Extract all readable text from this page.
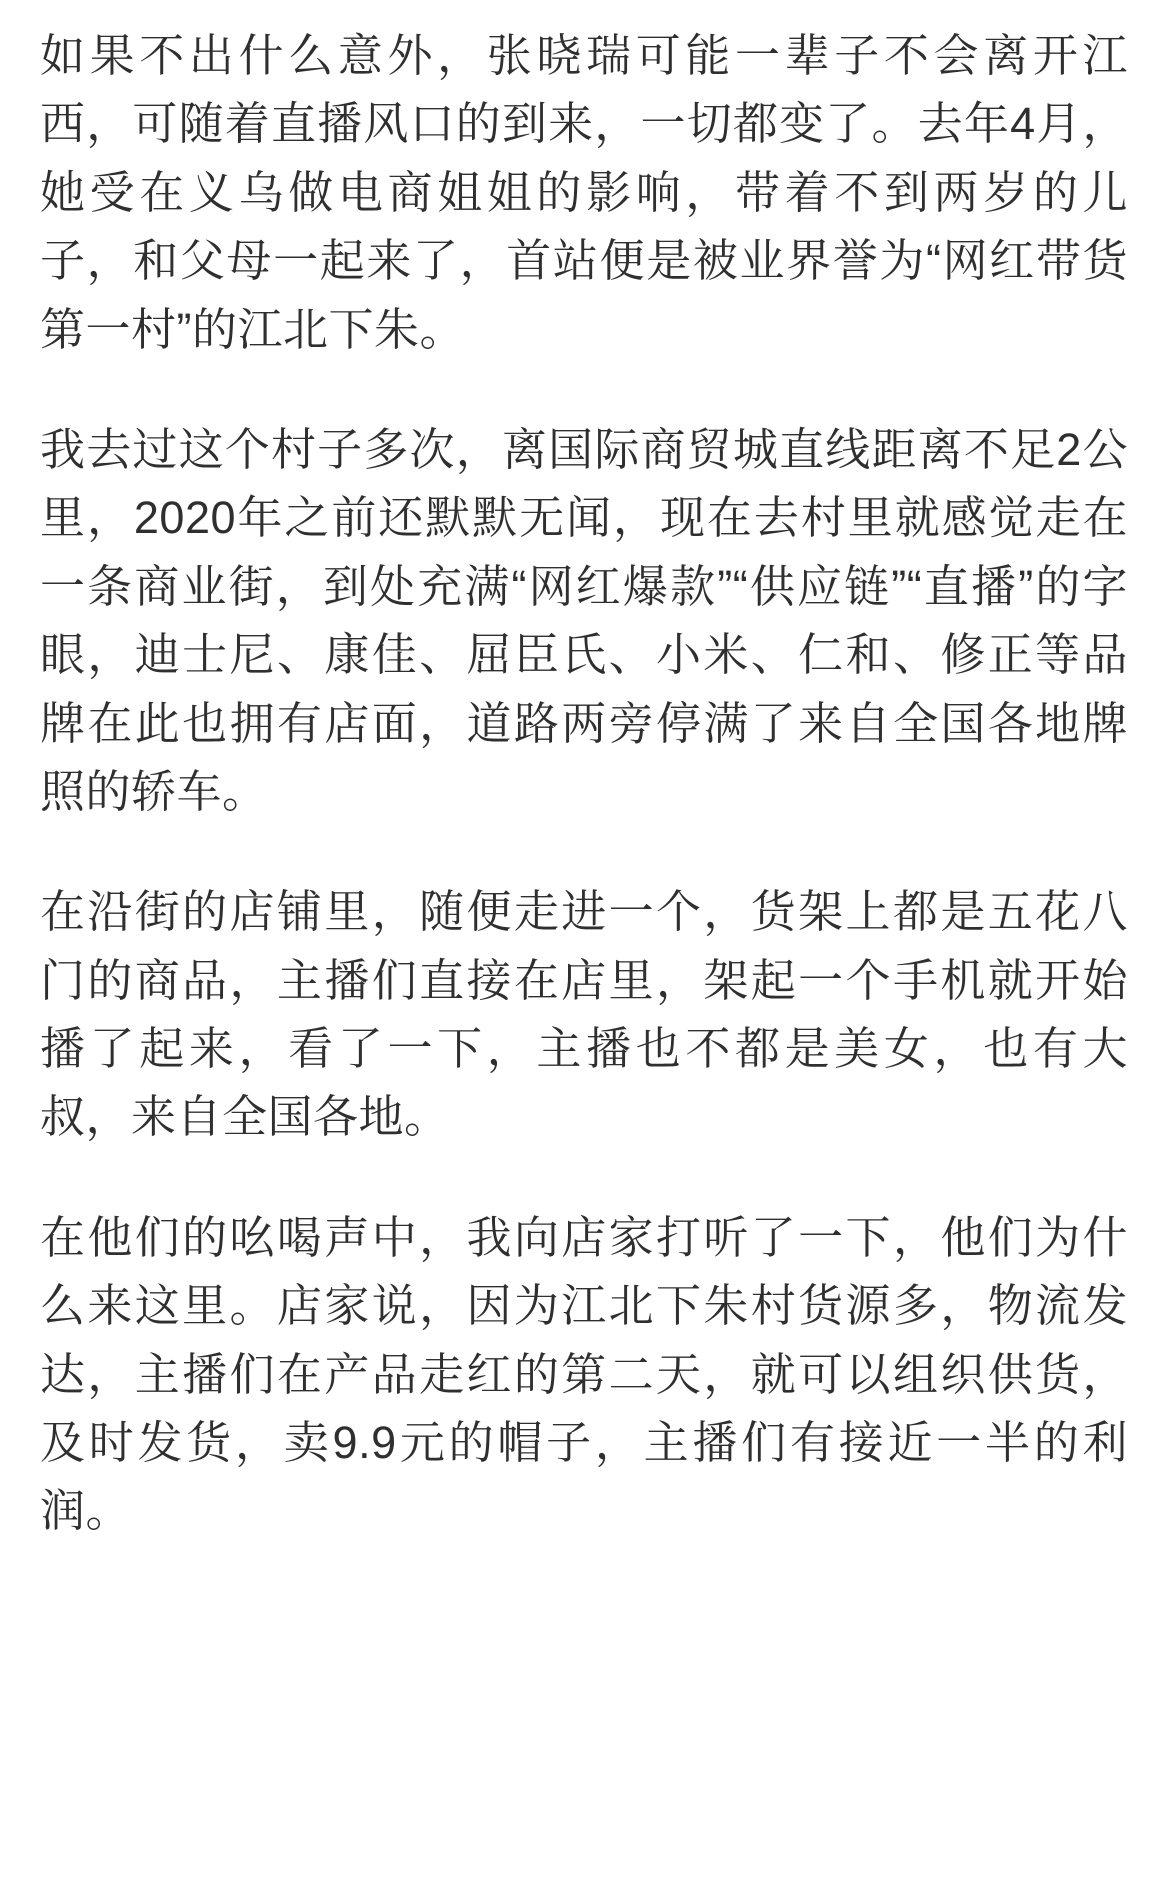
如果不出什么意外，张晓瑞可能一辈子不会离开江西，可随着直播风口的到来，一切都变了。去年4月，她受在义乌做电商姐姐的影响，带着不到两岁的儿子，和父母一起来了，首站便是被业界誉为“网红带货第一村”的江北下朱。

我去过这个村子多次，离国际商贸城直线距离不足2公里，2020年之前还默默无闻，现在去村里就感觉走在一条商业街，到处充满“网红爆款”“供应链”“直播”的字眼，迪士尼、康佳、屈臣氏、小米、仁和、修正等品牌在此也拥有店面，道路两旁停满了来自全国各地牌照的轿车。

在沿街的店铺里，随便走进一个，货架上都是五花八门的商品，主播们直接在店里，架起一个手机就开始播了起来，看了一下，主播也不都是美女，也有大叔，来自全国各地。

在他们的吆喝声中，我向店家打听了一下，他们为什么来这里。店家说，因为江北下朱村货源多，物流发达，主播们在产品走红的第二天，就可以组织供货，及时发货，卖9.9元的帽子，主播们有接近一半的利润。
